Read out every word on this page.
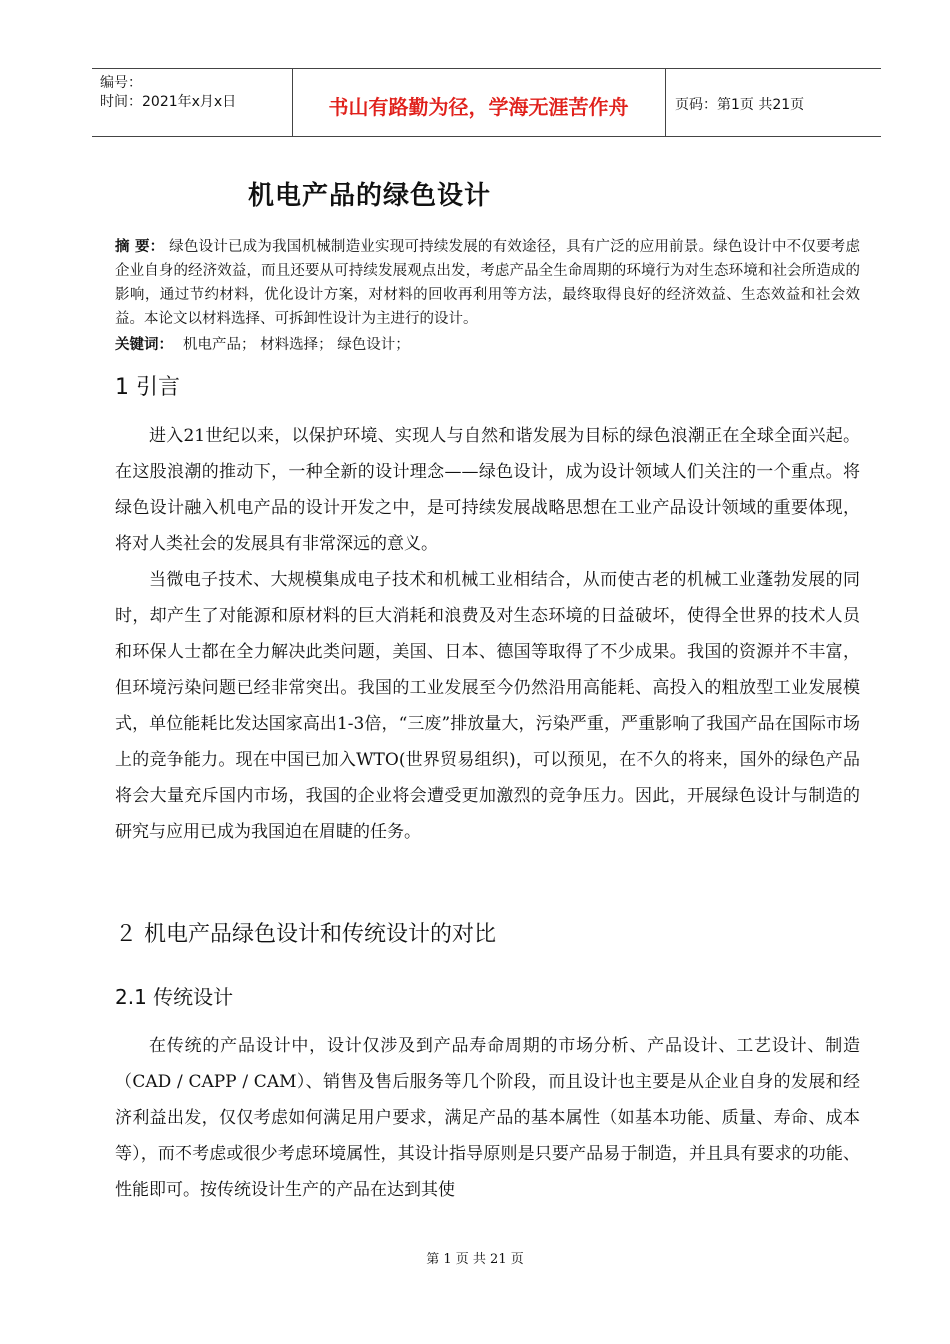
编号：
时间：2021年x月x日	书山有路勤为径，学海无涯苦作舟	页码：第1页 共21页
机电产品的绿色设计
摘 要： 绿色设计已成为我国机械制造业实现可持续发展的有效途径，具有广泛的应用前景。绿色设计中不仅要考虑企业自身的经济效益，而且还要从可持续发展观点出发，考虑产品全生命周期的环境行为对生态环境和社会所造成的影响，通过节约材料，优化设计方案，对材料的回收再利用等方法，最终取得良好的经济效益、生态效益和社会效益。本论文以材料选择、可拆卸性设计为主进行的设计。
关键词： 机电产品； 材料选择； 绿色设计；
1 引言
进入21世纪以来，以保护环境、实现人与自然和谐发展为目标的绿色浪潮正在全球全面兴起。在这股浪潮的推动下，一种全新的设计理念——绿色设计，成为设计领域人们关注的一个重点。将绿色设计融入机电产品的设计开发之中，是可持续发展战略思想在工业产品设计领域的重要体现，将对人类社会的发展具有非常深远的意义。
当微电子技术、大规模集成电子技术和机械工业相结合，从而使古老的机械工业蓬勃发展的同时，却产生了对能源和原材料的巨大消耗和浪费及对生态环境的日益破坏，使得全世界的技术人员和环保人士都在全力解决此类问题，美国、日本、德国等取得了不少成果。我国的资源并不丰富，但环境污染问题已经非常突出。我国的工业发展至今仍然沿用高能耗、高投入的粗放型工业发展模式，单位能耗比发达国家高出1-3倍，“三废”排放量大，污染严重，严重影响了我国产品在国际市场上的竞争能力。现在中国已加入WTO(世界贸易组织)，可以预见，在不久的将来，国外的绿色产品将会大量充斥国内市场，我国的企业将会遭受更加激烈的竞争压力。因此，开展绿色设计与制造的研究与应用已成为我国迫在眉睫的任务。
２ 机电产品绿色设计和传统设计的对比
2.1 传统设计
在传统的产品设计中，设计仅涉及到产品寿命周期的市场分析、产品设计、工艺设计、制造（CAD / CAPP / CAM）、销售及售后服务等几个阶段，而且设计也主要是从企业自身的发展和经济利益出发，仅仅考虑如何满足用户要求，满足产品的基本属性（如基本功能、质量、寿命、成本等），而不考虑或很少考虑环境属性，其设计指导原则是只要产品易于制造，并且具有要求的功能、性能即可。按传统设计生产的产品在达到其使
第 1 页 共 21 页
